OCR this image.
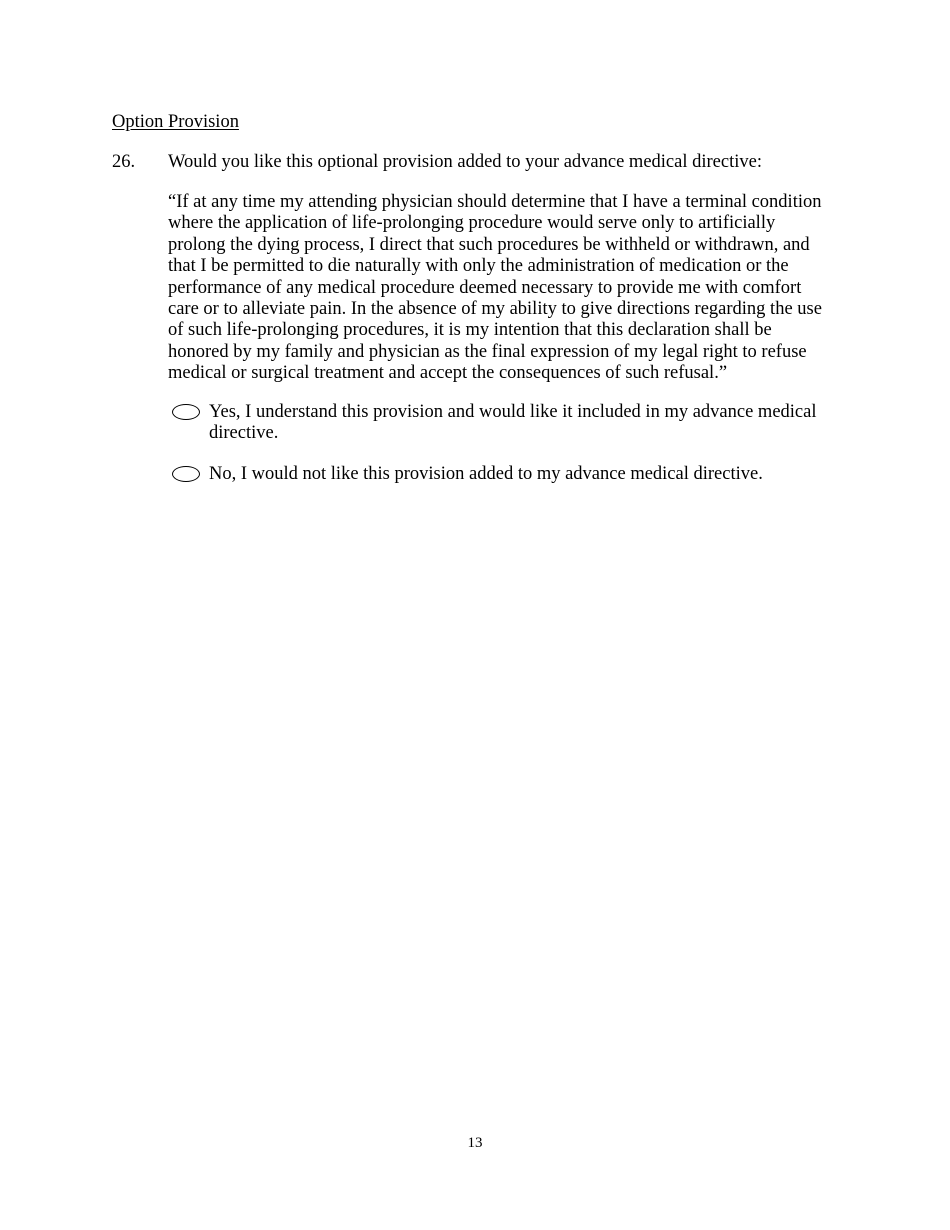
Option Provision
26. Would you like this optional provision added to your advance medical directive:

“If at any time my attending physician should determine that I have a terminal condition
where the application of life-prolonging procedure would serve only to artificially
prolong the dying process, I direct that such procedures be withheld or withdrawn, and
that I be permitted to die naturally with only the administration of medication or the
performance of any medical procedure deemed necessary to provide me with comfort
care or to alleviate pain. In the absence of my ability to give directions regarding the use
of such life-prolonging procedures, it is my intention that this declaration shall be
honored by my family and physician as the final expression of my legal right to refuse
medical or surgical treatment and accept the consequences of such refusal.”

Yes, I understand this provision and would like it included in my advance medical
directive.
No, I would not like this provision added to my advance medical directive.
13
